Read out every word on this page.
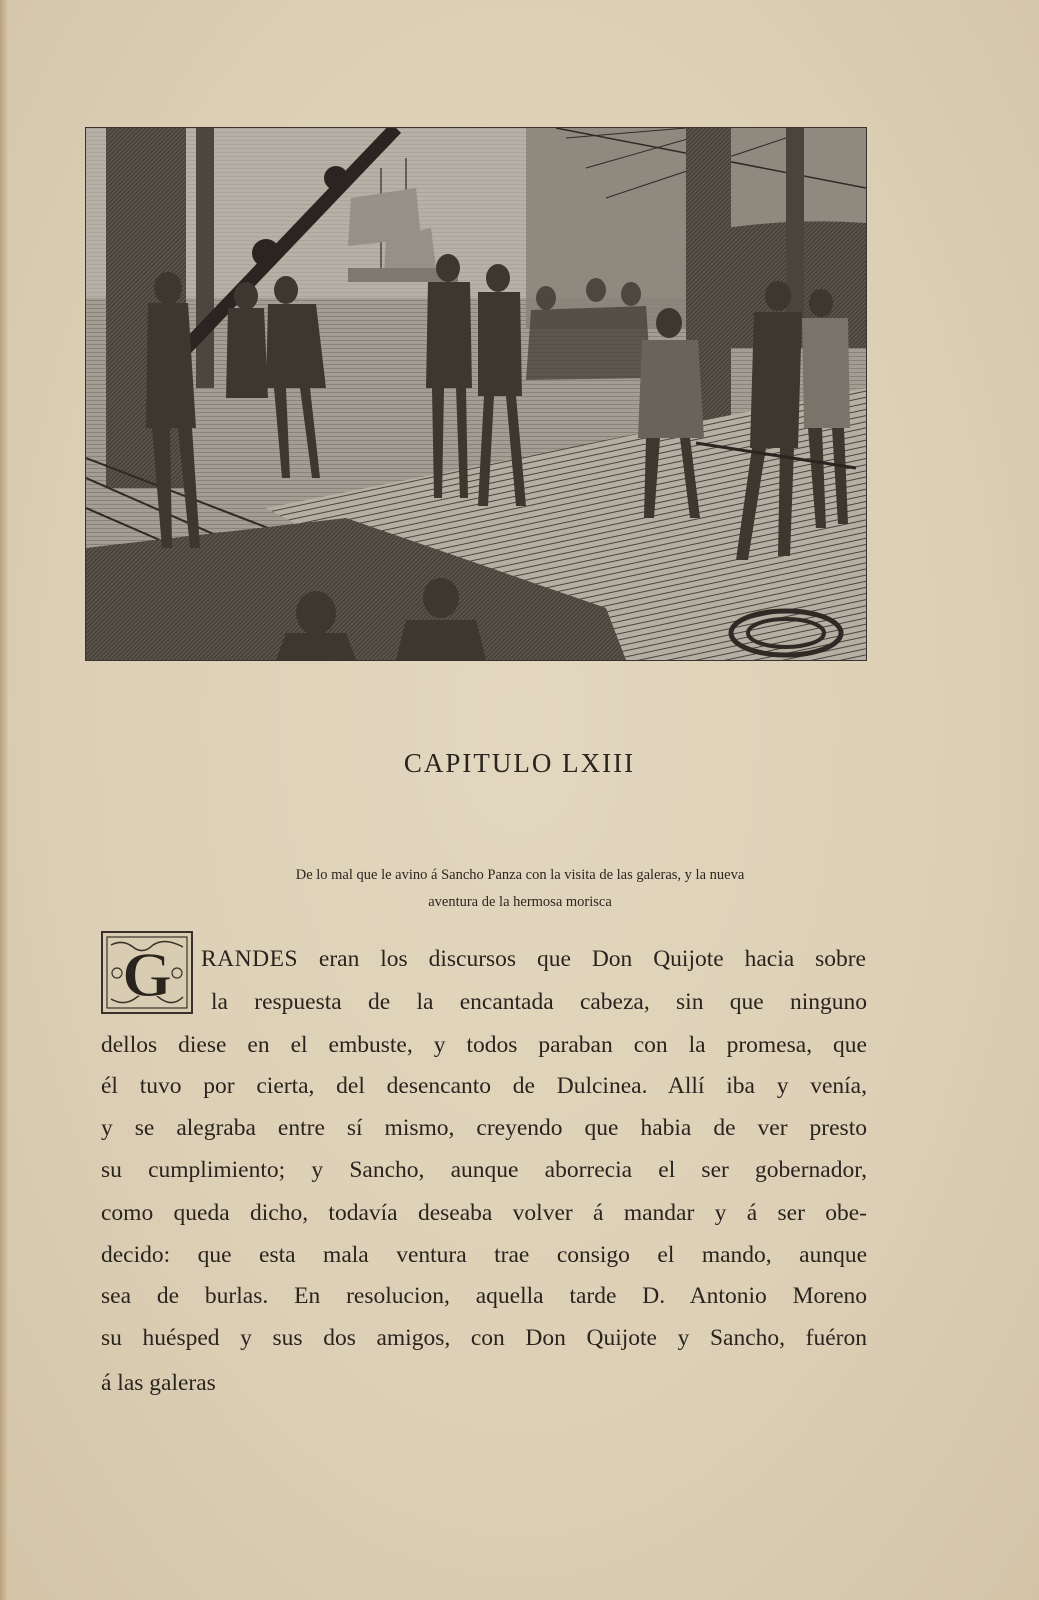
CAPITULO LXIII
De lo mal que le avino á Sancho Panza con la visita de las galeras, y la nueva
aventura de la hermosa morisca
G RANDES eran los discursos que Don Quijote hacia sobre
la respuesta de la encantada cabeza, sin que ninguno
dellos diese en el embuste, y todos paraban con la promesa, que
él tuvo por cierta, del desencanto de Dulcinea. Allí iba y venía,
y se alegraba entre sí mismo, creyendo que habia de ver presto
su cumplimiento; y Sancho, aunque aborrecia el ser gobernador,
como queda dicho, todavía deseaba volver á mandar y á ser obe-
decido: que esta mala ventura trae consigo el mando, aunque
sea de burlas. En resolucion, aquella tarde D. Antonio Moreno
su huésped y sus dos amigos, con Don Quijote y Sancho, fuéron
á las galeras
